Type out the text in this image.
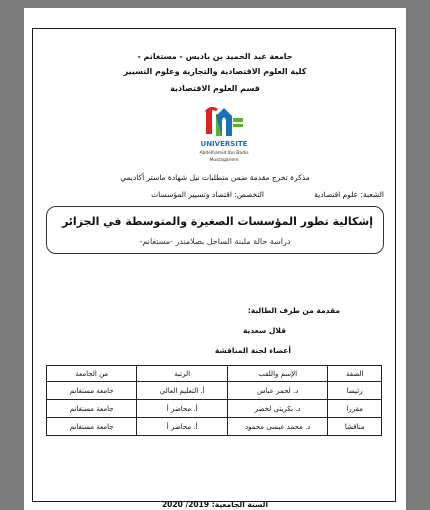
جامعة عبد الحميد بن باديس - مستغانم -
كلية العلوم الاقتصادية والتجارية وعلوم التسيير
قسم العلوم الاقتصادية
UNIVERSITE
Abdelhamid Ibn Badis
Mostaganem
مذكرة تخرج مقدمة ضمن متطلبات نيل شهادة ماستر أكاديمي
الشعبة: علوم اقتصادية
التخصص: اقتصاد وتسيير المؤسسات
إشكالية تطور المؤسسات الصغيرة والمتوسطة في الجزائر
دراسة حالة ملبنة الساحل بصلامندر -مستغانم-
مقدمة من طرف الطالبة:
قلال سعدية
أعضاء لجنة المناقشة
الصفة	الإسم واللقب	الرتبة	من الجامعة
رئيسا	د. لحمر عباس	أ. التعليم العالي	جامعة مستغانم
مقررا	د. بكريتي لخضر	أ. محاضر أ	جامعة مستغانم
مناقشا	د. محمد عيسى محمود	أ. محاضر أ	جامعة مستغانم
السنة الجامعية: 2019/ 2020
